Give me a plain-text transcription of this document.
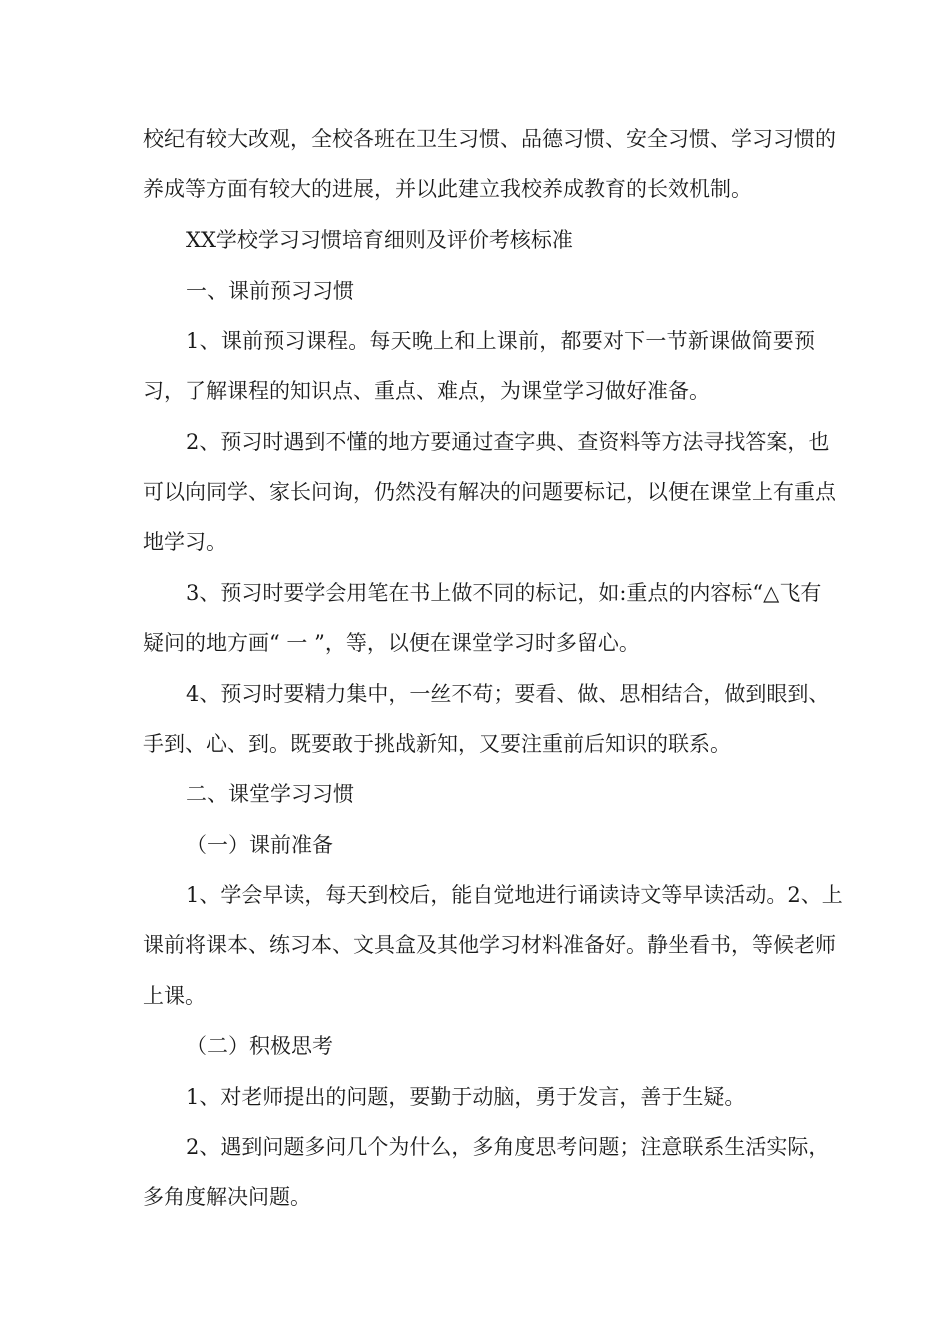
校纪有较大改观，全校各班在卫生习惯、品德习惯、安全习惯、学习习惯的
养成等方面有较大的进展，并以此建立我校养成教育的长效机制。
XX学校学习习惯培育细则及评价考核标准
一、课前预习习惯
1、课前预习课程。每天晚上和上课前，都要对下一节新课做简要预
习，了解课程的知识点、重点、难点，为课堂学习做好准备。
2、预习时遇到不懂的地方要通过查字典、查资料等方法寻找答案，也
可以向同学、家长问询，仍然没有解决的问题要标记，以便在课堂上有重点
地学习。
3、预习时要学会用笔在书上做不同的标记，如:重点的内容标“△飞有
疑问的地方画“ 一 ”，等，以便在课堂学习时多留心。
4、预习时要精力集中，一丝不苟；要看、做、思相结合，做到眼到、
手到、心、到。既要敢于挑战新知，又要注重前后知识的联系。
二、课堂学习习惯
（一）课前准备
1、学会早读，每天到校后，能自觉地进行诵读诗文等早读活动。2、上
课前将课本、练习本、文具盒及其他学习材料准备好。静坐看书，等候老师
上课。
（二）积极思考
1、对老师提出的问题，要勤于动脑，勇于发言，善于生疑。
2、遇到问题多问几个为什么，多角度思考问题；注意联系生活实际，
多角度解决问题。
